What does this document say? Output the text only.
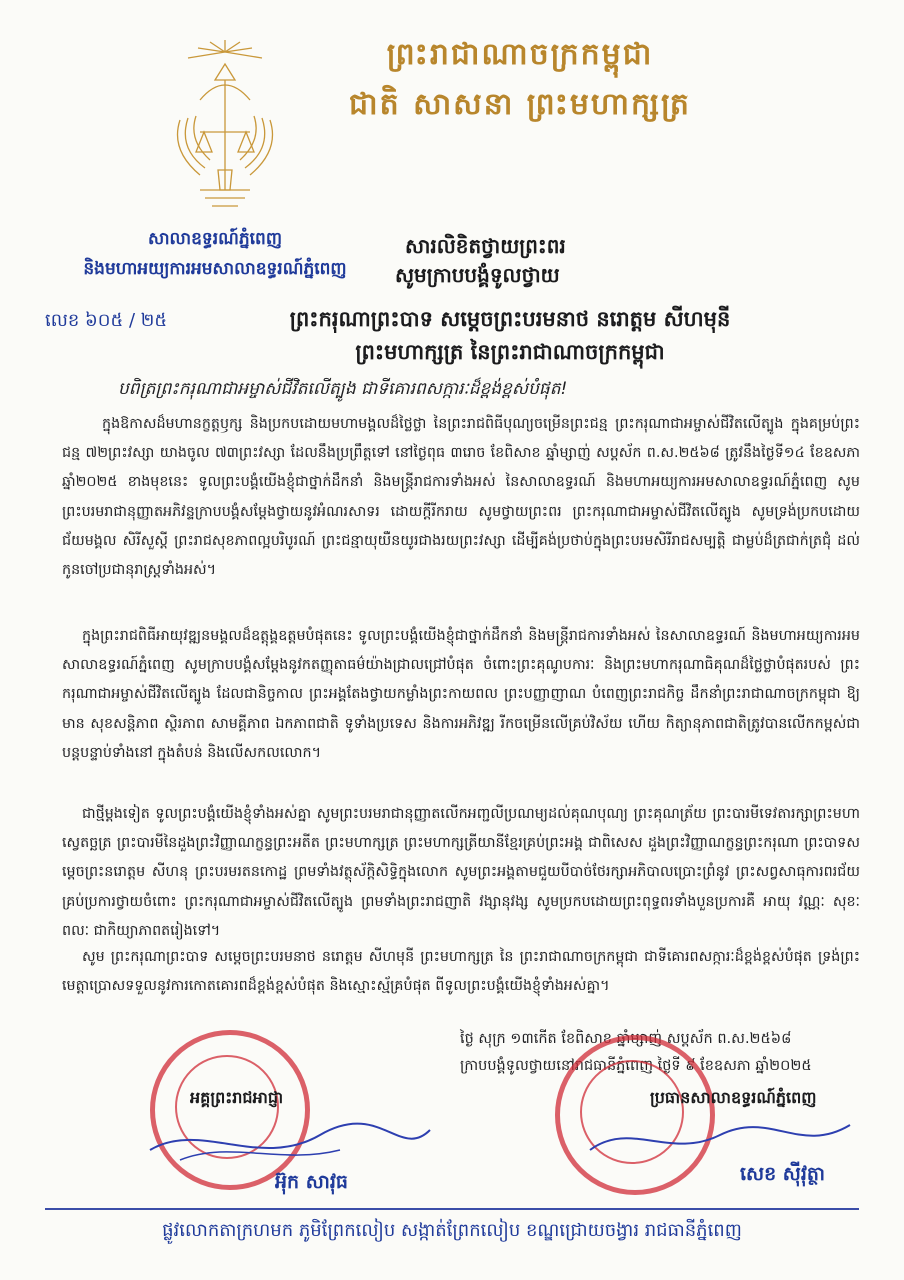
ព្រះរាជាណាចក្រកម្ពុជា
ជាតិ សាសនា ព្រះមហាក្សត្រ
សាលាឧទ្ធរណ៍ភ្នំពេញ
និងមហាអយ្យការអមសាលាឧទ្ធរណ៍ភ្នំពេញ
សារលិខិតថ្វាយព្រះពរ
សូមក្រាបបង្គំទូលថ្វាយ
លេខ ៦០៥ / ២៥	ព្រះករុណាព្រះបាទ សម្តេចព្រះបរមនាថ នរោត្តម សីហមុនី
ព្រះមហាក្សត្រ នៃព្រះរាជាណាចក្រកម្ពុជា
បពិត្រព្រះករុណាជាអម្ចាស់ជីវិតលើត្បូង ជាទីគោរពសក្ការៈដ៏ខ្ពង់ខ្ពស់បំផុត!

ក្នុងឱកាសដ៏មហានក្ខត្តឫក្ស និងប្រកបដោយមហាមង្គលដ៏ថ្លៃថ្លា នៃព្រះរាជពិធីបុណ្យចម្រើនព្រះជន្ម ព្រះករុណាជាអម្ចាស់ជីវិតលើត្បូង ក្នុងគម្រប់ព្រះជន្ម ៧២ព្រះវស្សា យាងចូល ៧៣ព្រះវស្សា ដែលនឹងប្រព្រឹត្តទៅ នៅថ្ងៃពុធ ៣រោច ខែពិសាខ ឆ្នាំម្សាញ់ សប្តស័ក ព.ស.២៥៦៨ ត្រូវនឹងថ្ងៃទី១៤ ខែឧសភា ឆ្នាំ២០២៥ ខាងមុខនេះ ទូលព្រះបង្គំយើងខ្ញុំជាថ្នាក់ដឹកនាំ និងមន្ត្រីរាជការទាំងអស់ នៃសាលាឧទ្ធរណ៍ និងមហាអយ្យការអមសាលាឧទ្ធរណ៍ភ្នំពេញ សូមព្រះបរមរាជានុញ្ញាតអភិវន្ទក្រាបបង្គំសម្តែងថ្វាយនូវអំណរសាទរ ដោយក្តីរីករាយ សូមថ្វាយព្រះពរ ព្រះករុណាជាអម្ចាស់ជីវិតលើត្បូង សូមទ្រង់ប្រកបដោយ ជ័យមង្គល សិរីសួស្តី ព្រះរាជសុខភាពល្អបរិបូរណ៍ ព្រះជន្មាយុយឺនយូរជាងរយព្រះវស្សា ដើម្បីគង់ប្រថាប់ក្នុងព្រះបរមសិរីរាជសម្បត្តិ ជាម្លប់ដ៏ត្រជាក់ត្រជុំ ដល់កូនចៅប្រជានុរាស្ត្រទាំងអស់។

ក្នុងព្រះរាជពិធីអាយុវឌ្ឍនមង្គលដ៏ឧត្តុង្គឧត្តមបំផុតនេះ ទូលព្រះបង្គំយើងខ្ញុំជាថ្នាក់ដឹកនាំ និងមន្ត្រីរាជការទាំងអស់ នៃសាលាឧទ្ធរណ៍ និងមហាអយ្យការអមសាលាឧទ្ធរណ៍ភ្នំពេញ សូមក្រាបបង្គំសម្តែងនូវកតញ្ញុតាធម៌យ៉ាងជ្រាលជ្រៅបំផុត ចំពោះព្រះគុណូបការៈ និងព្រះមហាករុណាធិគុណដ៏ថ្លៃថ្លាបំផុតរបស់ ព្រះករុណាជាអម្ចាស់ជីវិតលើត្បូង ដែលជានិច្ចកាល ព្រះអង្គតែងថ្វាយកម្លាំងព្រះកាយពល ព្រះបញ្ញាញាណ បំពេញព្រះរាជកិច្ច ដឹកនាំព្រះរាជាណាចក្រកម្ពុជា ឱ្យមាន សុខសន្តិភាព ស្ថិរភាព សាមគ្គីភាព ឯកភាពជាតិ ទូទាំងប្រទេស និងការអភិវឌ្ឍ រីកចម្រើនលើគ្រប់វិស័យ ហើយ កិត្យានុភាពជាតិត្រូវបានលើកកម្ពស់ជាបន្តបន្ទាប់ទាំងនៅ ក្នុងតំបន់ និងលើសកលលោក។

ជាថ្មីម្តងទៀត ទូលព្រះបង្គំយើងខ្ញុំទាំងអស់គ្នា សូមព្រះបរមរាជានុញ្ញាតលើកអញ្ជលីប្រណម្យដល់គុណបុណ្យ ព្រះគុណត្រ័យ ព្រះបារមីទេវតារក្សាព្រះមហាស្វេតច្ឆត្រ ព្រះបារមីនៃដួងព្រះវិញ្ញាណក្ខន្ធព្រះអតីត ព្រះមហាក្សត្រ ព្រះមហាក្សត្រីយានីខ្មែរគ្រប់ព្រះអង្គ ជាពិសេស ដួងព្រះវិញ្ញាណក្ខន្ធព្រះករុណា ព្រះបាទសម្តេចព្រះនរោត្តម សីហនុ ព្រះបរមរតនកោដ្ឋ ព្រមទាំងវត្ថុស័ក្តិសិទ្ធិក្នុងលោក សូមព្រះអង្គតាមជួយបីបាច់ថែរក្សាអភិបាលប្រោះព្រំនូវ ព្រះសព្វសាធុការពរជ័យគ្រប់ប្រការថ្វាយចំពោះ ព្រះករុណាជាអម្ចាស់ជីវិតលើត្បូង ព្រមទាំងព្រះរាជញាតិ វង្សានុវង្ស សូមប្រកបដោយព្រះពុទ្ធពរទាំងបួនប្រការគឺ អាយុ វណ្ណៈ សុខៈ ពលៈ ជាកិយ្យាភាពតរៀងទៅ។

សូម ព្រះករុណាព្រះបាទ សម្តេចព្រះបរមនាថ នរោត្តម សីហមុនី ព្រះមហាក្សត្រ នៃ ព្រះរាជាណាចក្រកម្ពុជា ជាទីគោរពសក្ការៈដ៏ខ្ពង់ខ្ពស់បំផុត ទ្រង់ព្រះមេត្តាប្រោសទទួលនូវការកោតគោរពដ៏ខ្ពង់ខ្ពស់បំផុត និងស្មោះស្ម័គ្របំផុត ពីទូលព្រះបង្គំយើងខ្ញុំទាំងអស់គ្នា។

ថ្ងៃ សុក្រ ១៣កើត ខែពិសាខ ឆ្នាំម្សាញ់ សប្តស័ក ព.ស.២៥៦៨
ក្រាបបង្គំទូលថ្វាយនៅរាជធានីភ្នំពេញ ថ្ងៃទី ៩ ខែឧសភា ឆ្នាំ២០២៥
អគ្គព្រះរាជអាជ្ញា
អ៊ុក សាវុធ
ប្រធានសាលាឧទ្ធរណ៍ភ្នំពេញ
សេខ ស៊ីវុត្ថា
ផ្លូវលោកតាក្រហមក ភូមិព្រែកលៀប សង្កាត់ព្រែកលៀប ខណ្ឌជ្រោយចង្វារ រាជធានីភ្នំពេញ
